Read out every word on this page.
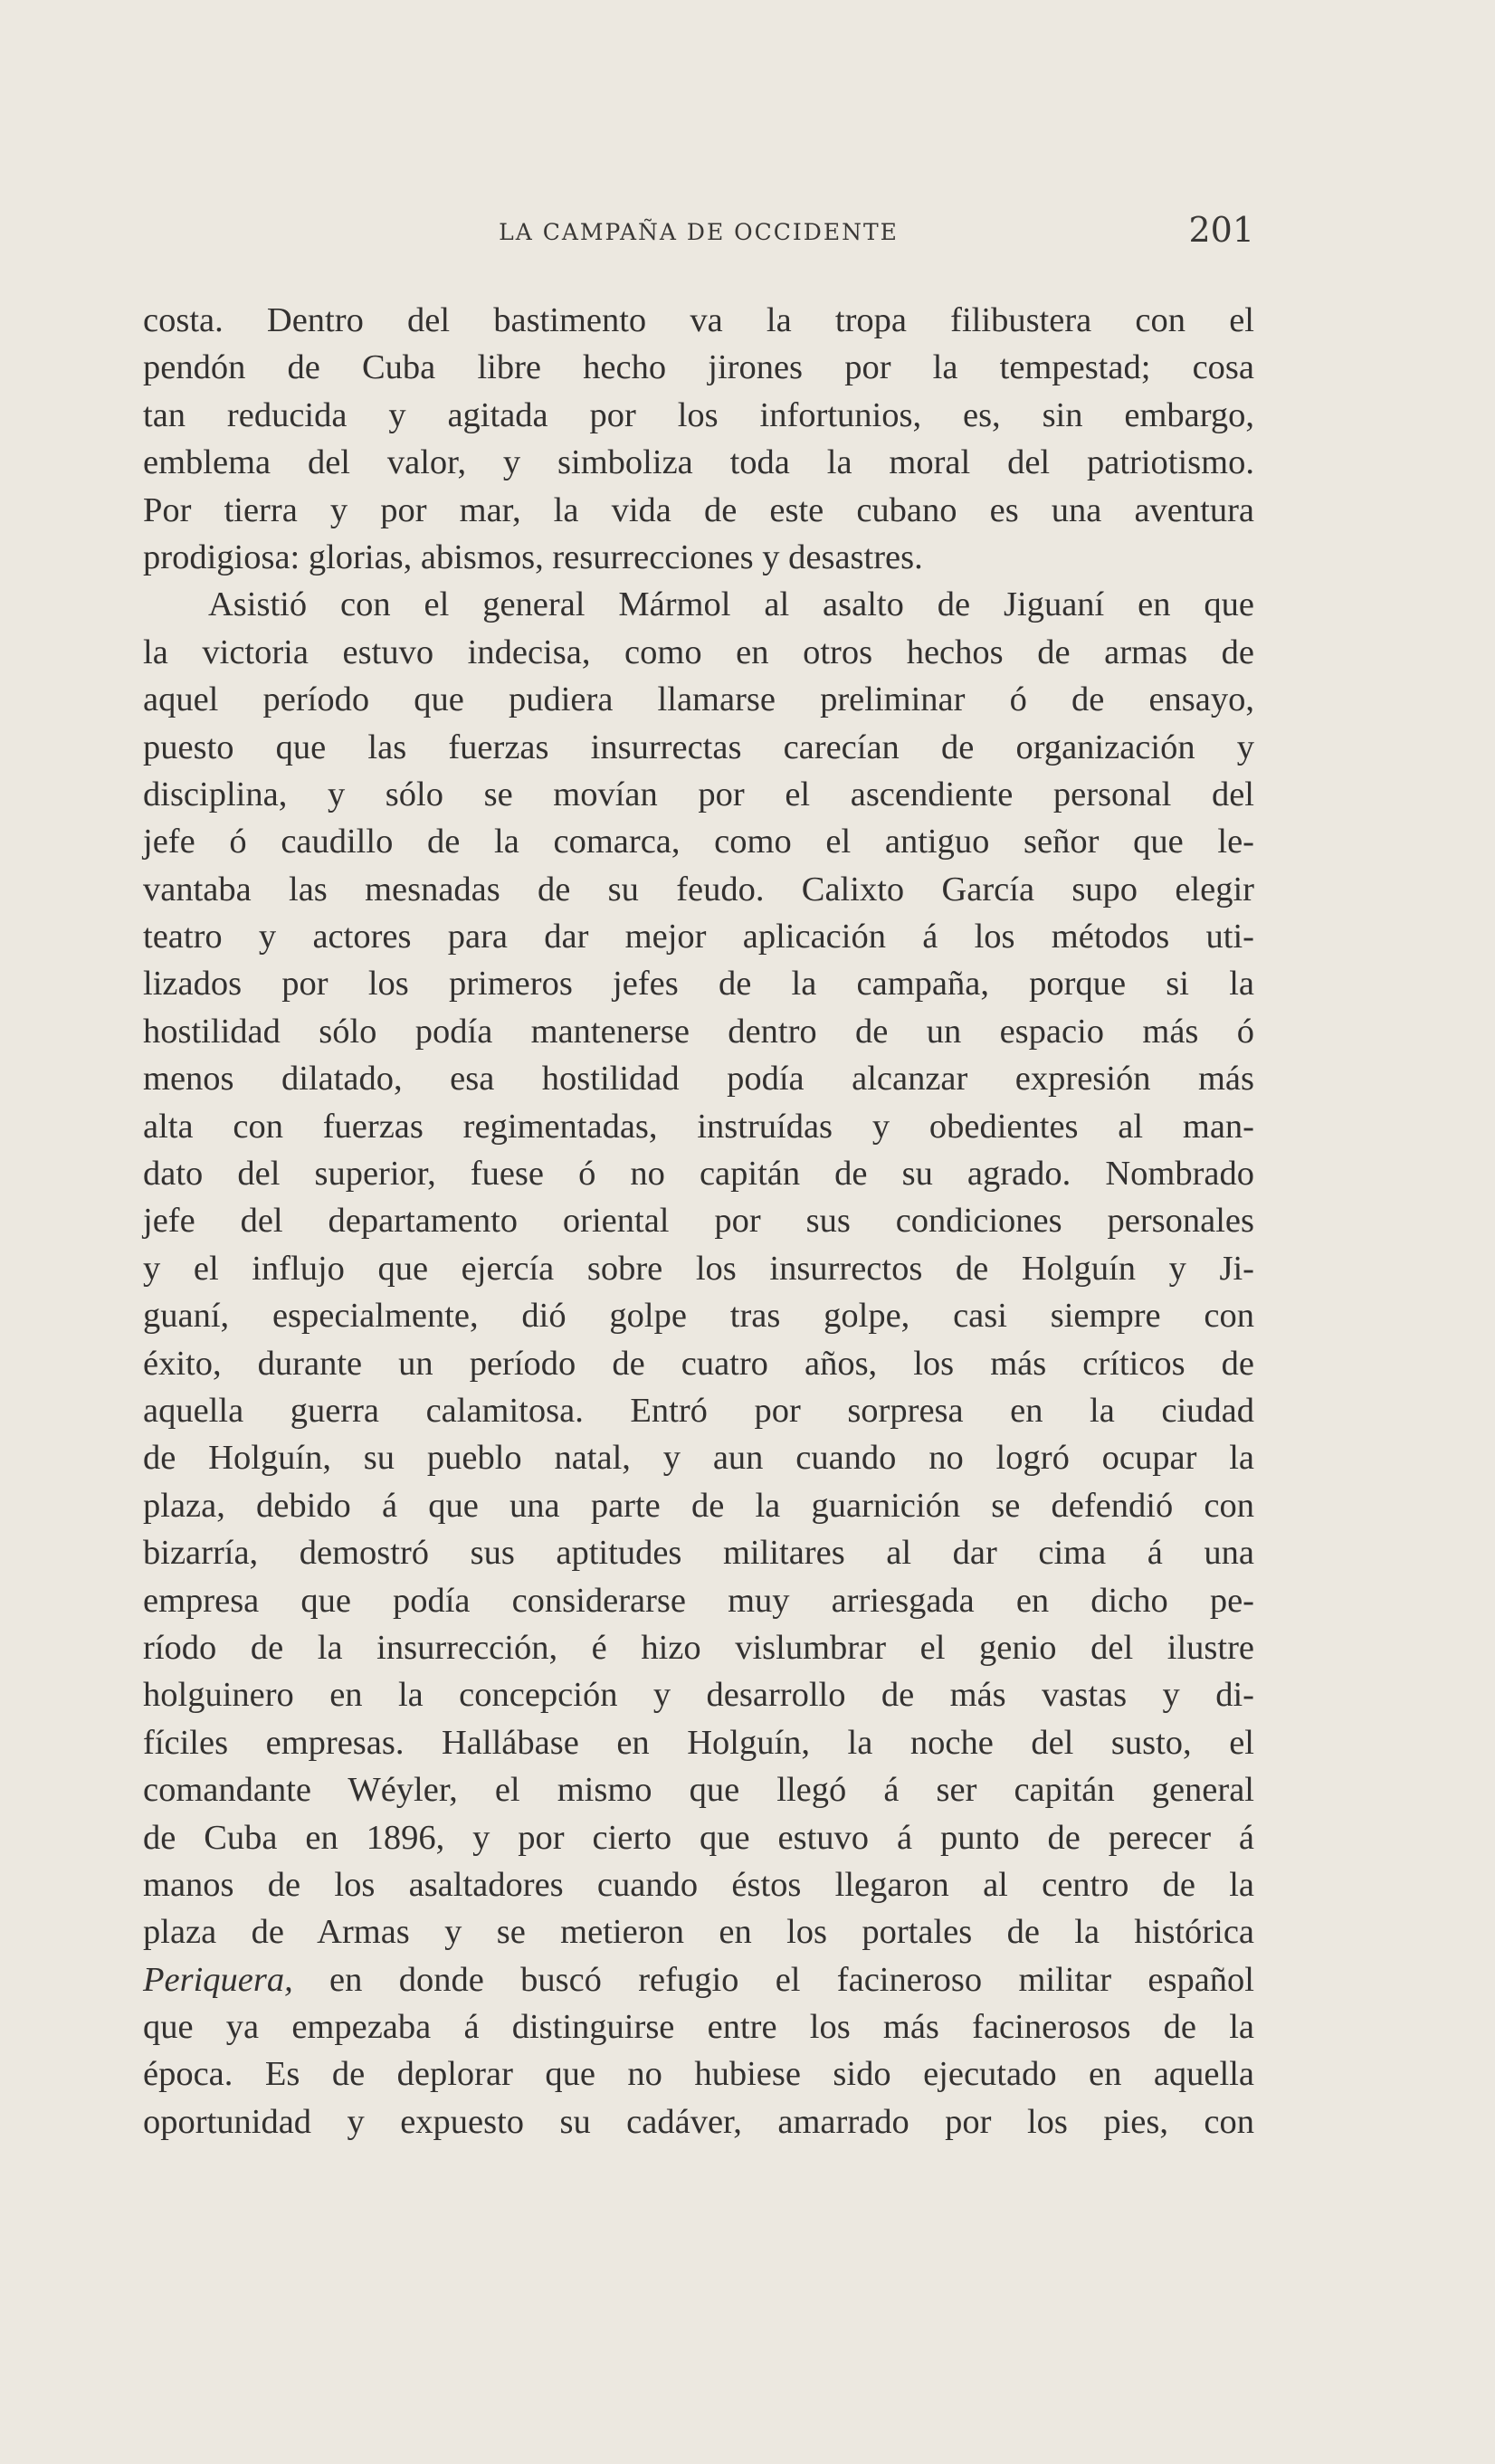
LA CAMPAÑA DE OCCIDENTE	201
costa. Dentro del bastimento va la tropa filibustera con el
pendón de Cuba libre hecho jirones por la tempestad; cosa
tan reducida y agitada por los infortunios, es, sin embargo,
emblema del valor, y simboliza toda la moral del patriotismo.
Por tierra y por mar, la vida de este cubano es una aventura
prodigiosa: glorias, abismos, resurrecciones y desastres.
Asistió con el general Mármol al asalto de Jiguaní en que
la victoria estuvo indecisa, como en otros hechos de armas de
aquel período que pudiera llamarse preliminar ó de ensayo,
puesto que las fuerzas insurrectas carecían de organización y
disciplina, y sólo se movían por el ascendiente personal del
jefe ó caudillo de la comarca, como el antiguo señor que le-
vantaba las mesnadas de su feudo. Calixto García supo elegir
teatro y actores para dar mejor aplicación á los métodos uti-
lizados por los primeros jefes de la campaña, porque si la
hostilidad sólo podía mantenerse dentro de un espacio más ó
menos dilatado, esa hostilidad podía alcanzar expresión más
alta con fuerzas regimentadas, instruídas y obedientes al man-
dato del superior, fuese ó no capitán de su agrado. Nombrado
jefe del departamento oriental por sus condiciones personales
y el influjo que ejercía sobre los insurrectos de Holguín y Ji-
guaní, especialmente, dió golpe tras golpe, casi siempre con
éxito, durante un período de cuatro años, los más críticos de
aquella guerra calamitosa. Entró por sorpresa en la ciudad
de Holguín, su pueblo natal, y aun cuando no logró ocupar la
plaza, debido á que una parte de la guarnición se defendió con
bizarría, demostró sus aptitudes militares al dar cima á una
empresa que podía considerarse muy arriesgada en dicho pe-
ríodo de la insurrección, é hizo vislumbrar el genio del ilustre
holguinero en la concepción y desarrollo de más vastas y di-
fíciles empresas. Hallábase en Holguín, la noche del susto, el
comandante Wéyler, el mismo que llegó á ser capitán general
de Cuba en 1896, y por cierto que estuvo á punto de perecer á
manos de los asaltadores cuando éstos llegaron al centro de la
plaza de Armas y se metieron en los portales de la histórica
Periquera, en donde buscó refugio el facineroso militar español
que ya empezaba á distinguirse entre los más facinerosos de la
época. Es de deplorar que no hubiese sido ejecutado en aquella
oportunidad y expuesto su cadáver, amarrado por los pies, con
